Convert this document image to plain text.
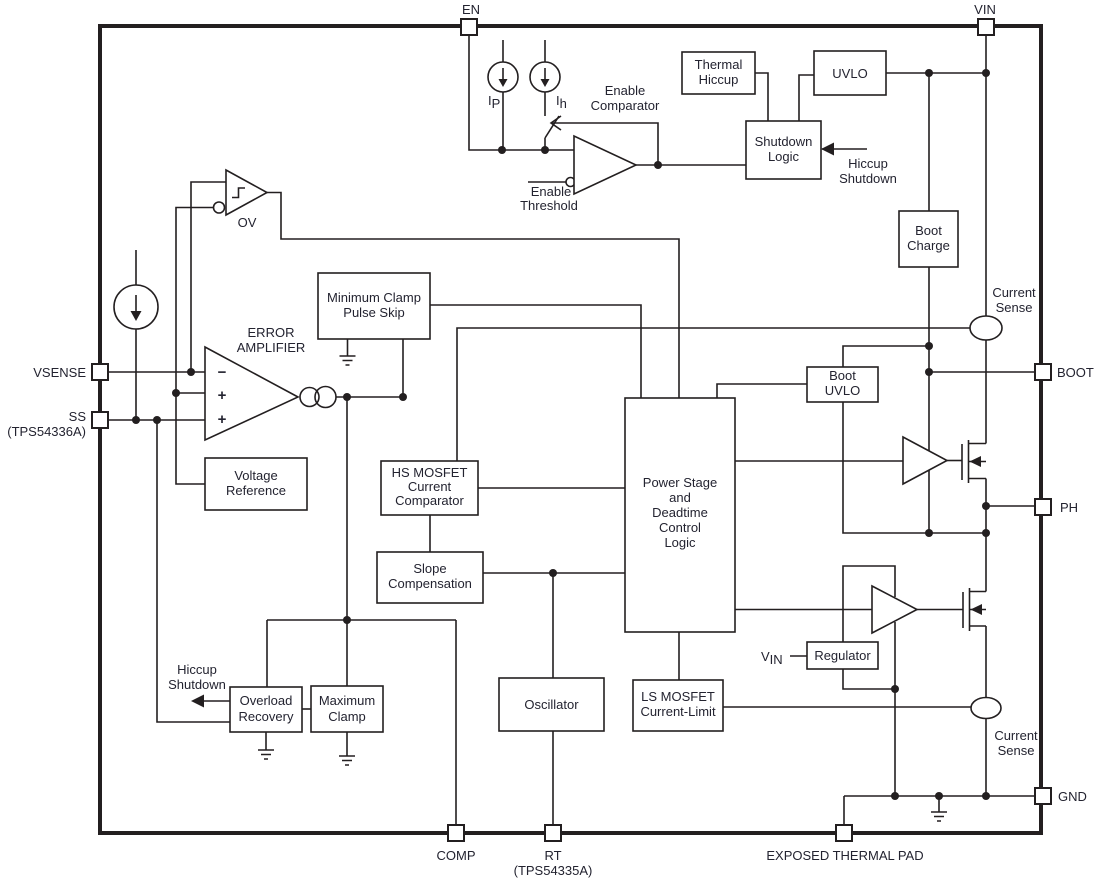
Thermal
Hiccup	UVLO
Shutdown
Logic
Boot
Charge
Minimum Clamp
Pulse Skip
Boot
UVLO
HS MOSFET
Current
Comparator
Power Stage
and
Deadtime
Control
Logic
Voltage
Reference
Slope
Compensation
Oscillator
LS MOSFET
Current-Limit
Overload
Recovery
Maximum
Clamp
Regulator
EN	VIN
VSENSE
SS
(TPS54336A)
BOOT
PH
GND
COMP	RT
(TPS54335A)
EXPOSED THERMAL PAD
Enable
Comparator
Enable
Threshold
ERROR
AMPLIFIER
OV
Hiccup
Shutdown
Hiccup
Shutdown
Current
Sense
Current
Sense
IP	Ih
VIN
−
+
+
